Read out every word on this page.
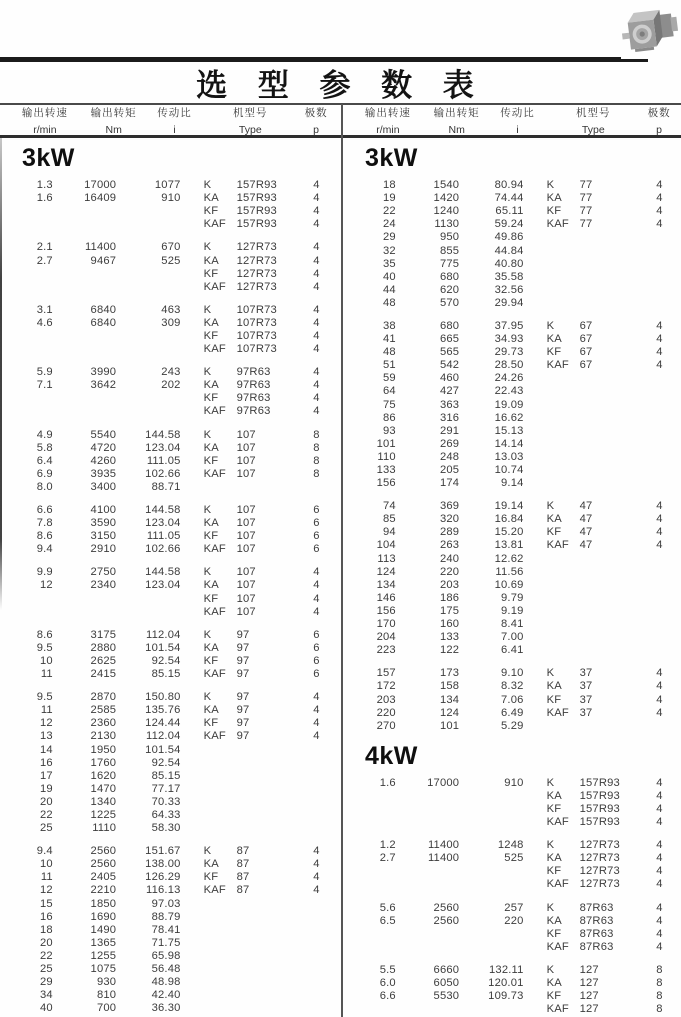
选 型 参 数 表
输出转速
r/min
输出转矩
Nm
传动比
i
机型号
Type
极数
p
3kW
1.3	17000	1077 K	157R93	4
1.6	16409	910 KA	157R93	4
KF	157R93	4
KAF 157R93	4
2.1	11400	670 K	127R73	4
2.7	9467	525 KA	127R73	4
KF	127R73	4
KAF 127R73	4
3.1	6840	463 K	107R73	4
4.6	6840	309 KA	107R73	4
KF	107R73	4
KAF 107R73	4
5.9	3990	243 K	97R63	4
7.1	3642	202 KA	97R63	4
KF	97R63	4
KAF 97R63	4
4.9	5540	144.58 K	107	8
5.8	4720	123.04 KA	107	8
6.4	4260	111.05 KF	107	8
6.9	3935	102.66 KAF 107	8
8.0	3400	88.71
6.6	4100	144.58 K	107	6
7.8	3590	123.04 KA	107	6
8.6	3150	111.05 KF	107	6
9.4	2910	102.66 KAF 107	6
9.9	2750	144.58 K	107	4
12	2340	123.04 KA	107	4
KF	107	4
KAF 107	4
8.6	3175	112.04 K	97	6
9.5	2880	101.54 KA	97	6
10	2625	92.54 KF	97	6
11	2415	85.15 KAF 97	6
9.5	2870	150.80 K	97	4
11	2585	135.76 KA	97	4
12	2360	124.44 KF	97	4
13	2130	112.04 KAF 97	4
14	1950	101.54
16	1760	92.54
17	1620	85.15
19	1470	77.17
20	1340	70.33
22	1225	64.33
25	1110	58.30
9.4	2560	151.67 K	87	4
10	2560	138.00 KA	87	4
11	2405	126.29 KF	87	4
12	2210	116.13 KAF 87	4
15	1850	97.03
16	1690	88.79
18	1490	78.41
20	1365	71.75
22	1255	65.98
25	1075	56.48
29	930	48.98
34	810	42.40
40	700	36.30
输出转速
r/min
输出转矩
Nm
传动比
i
机型号
Type
极数
p
3kW
18	1540	80.94 K	77	4
19	1420	74.44 KA	77	4
22	1240	65.11 KF	77	4
24	1130	59.24 KAF 77	4
29	950	49.86
32	855	44.84
35	775	40.80
40	680	35.58
44	620	32.56
48	570	29.94
38	680	37.95 K	67	4
41	665	34.93 KA	67	4
48	565	29.73 KF	67	4
51	542	28.50 KAF 67	4
59	460	24.26
64	427	22.43
75	363	19.09
86	316	16.62
93	291	15.13
101	269	14.14
110	248	13.03
133	205	10.74
156	174	9.14
74	369	19.14 K	47	4
85	320	16.84 KA	47	4
94	289	15.20 KF	47	4
104	263	13.81 KAF 47	4
113	240	12.62
124	220	11.56
134	203	10.69
146	186	9.79
156	175	9.19
170	160	8.41
204	133	7.00
223	122	6.41
157	173	9.10 K	37	4
172	158	8.32 KA	37	4
203	134	7.06 KF	37	4
220	124	6.49 KAF 37	4
270	101	5.29
4kW
1.6	17000	910 K	157R93	4
KA	157R93	4
KF	157R93	4
KAF 157R93	4
1.2	11400	1248 K	127R73	4
2.7	11400	525 KA	127R73	4
KF	127R73	4
KAF 127R73	4
5.6	2560	257 K	87R63	4
6.5	2560	220 KA	87R63	4
KF	87R63	4
KAF 87R63	4
5.5	6660	132.11 K	127	8
6.0	6050	120.01 KA	127	8
6.6	5530	109.73 KF	127	8
KAF 127	8
